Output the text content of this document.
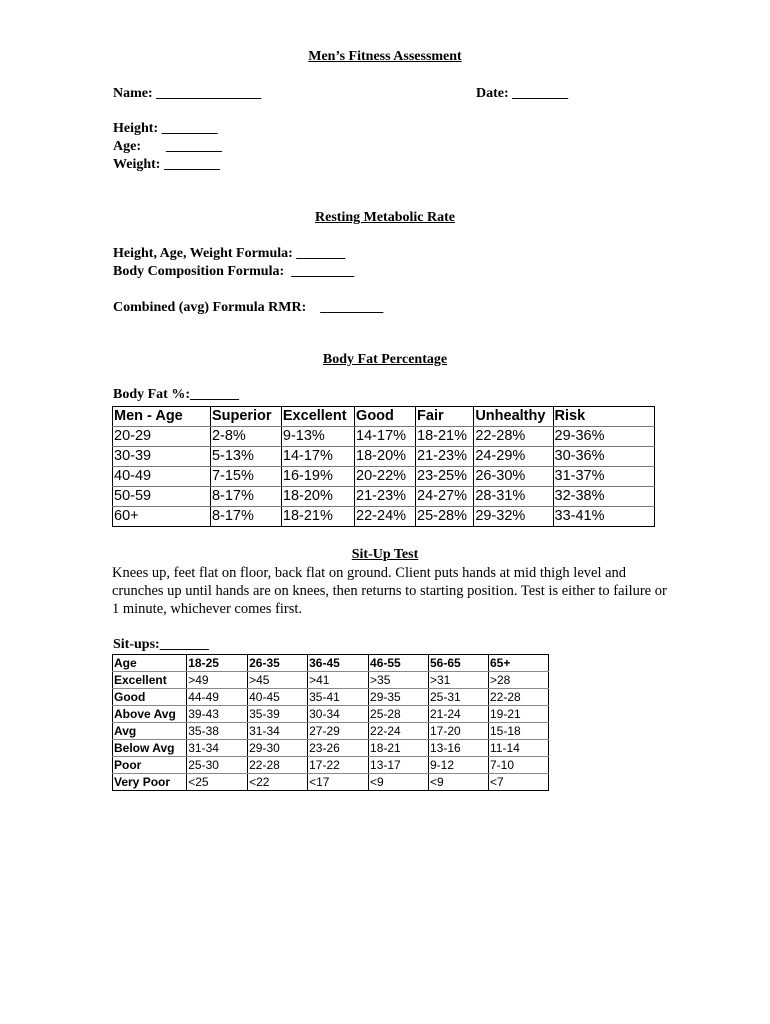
Men’s Fitness Assessment
Name: _______________	Date: ________
Height: ________
Age: ________
Weight: ________
Resting Metabolic Rate
Height, Age, Weight Formula: _______
Body Composition Formula:  _________
Combined (avg) Formula RMR:    _________
Body Fat Percentage
Body Fat %:_______
Men - Age	Superior	Excellent	Good	Fair	Unhealthy	Risk
20-29	2-8%	9-13%	14-17%	18-21%	22-28%	29-36%
30-39	5-13%	14-17%	18-20%	21-23%	24-29%	30-36%
40-49	7-15%	16-19%	20-22%	23-25%	26-30%	31-37%
50-59	8-17%	18-20%	21-23%	24-27%	28-31%	32-38%
60+	8-17%	18-21%	22-24%	25-28%	29-32%	33-41%
Sit-Up Test
Knees up, feet flat on floor, back flat on ground. Client puts hands at mid thigh level and crunches up until hands are on knees, then returns to starting position. Test is either to failure or 1 minute, whichever comes first.
Sit-ups:_______
Age	18-25	26-35	36-45	46-55	56-65	65+
Excellent	>49	>45	>41	>35	>31	>28
Good	44-49	40-45	35-41	29-35	25-31	22-28
Above Avg	39-43	35-39	30-34	25-28	21-24	19-21
Avg	35-38	31-34	27-29	22-24	17-20	15-18
Below Avg	31-34	29-30	23-26	18-21	13-16	11-14
Poor	25-30	22-28	17-22	13-17	9-12	7-10
Very Poor	<25	<22	<17	<9	<9	<7
